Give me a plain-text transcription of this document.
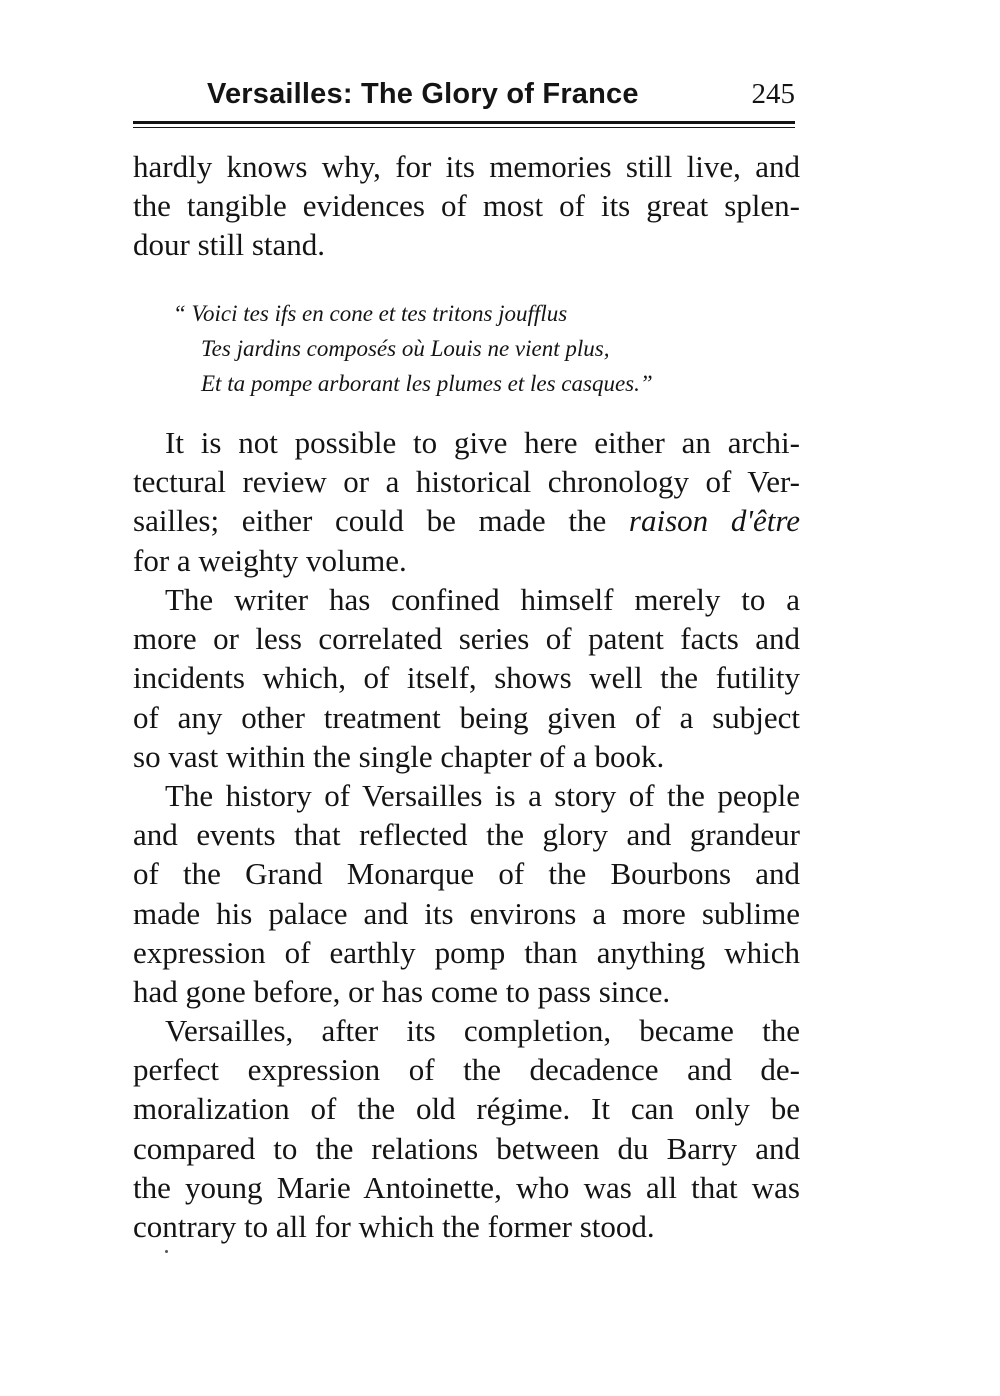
Versailles: The Glory of France	245

hardly knows why, for its memories still live, and
the tangible evidences of most of its great splen-
dour still stand.

“ Voici tes ifs en cone et tes tritons joufflus
Tes jardins composés où Louis ne vient plus,
Et ta pompe arborant les plumes et les casques.”

It is not possible to give here either an archi-
tectural review or a historical chronology of Ver-
sailles; either could be made the raison d'être
for a weighty volume.

The writer has confined himself merely to a
more or less correlated series of patent facts and
incidents which, of itself, shows well the futility
of any other treatment being given of a subject
so vast within the single chapter of a book.

The history of Versailles is a story of the people
and events that reflected the glory and grandeur
of the Grand Monarque of the Bourbons and
made his palace and its environs a more sublime
expression of earthly pomp than anything which
had gone before, or has come to pass since.

Versailles, after its completion, became the
perfect expression of the decadence and de-
moralization of the old régime. It can only be
compared to the relations between du Barry and
the young Marie Antoinette, who was all that was
contrary to all for which the former stood.
